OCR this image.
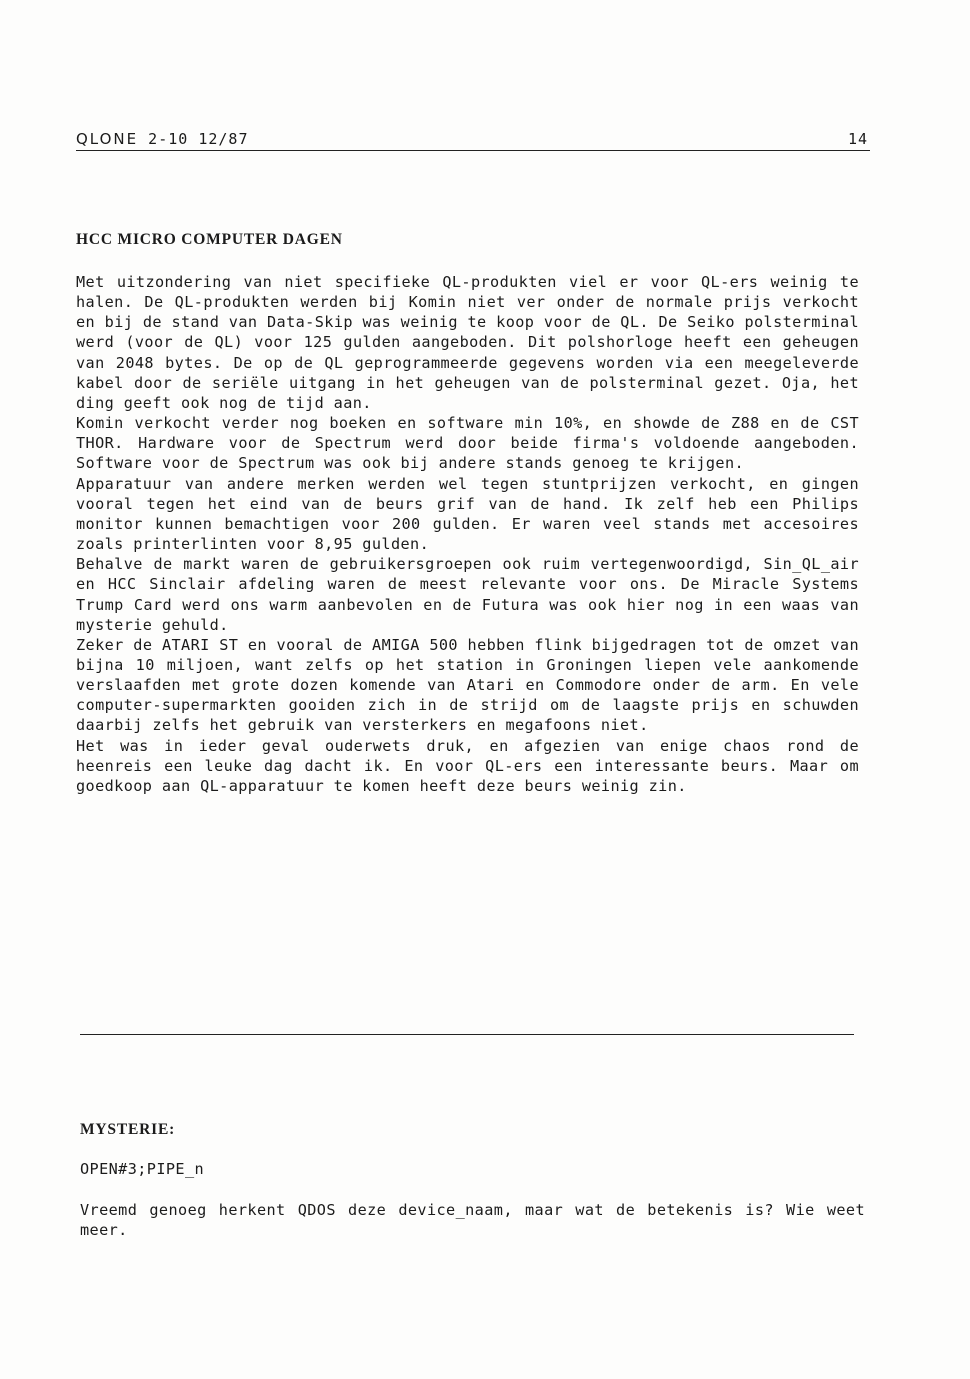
QLONE 2-10 12/87	14
HCC MICRO COMPUTER DAGEN

Met uitzondering van niet specifieke QL-produkten viel er voor QL-ers weinig te halen. De QL-produkten werden bij Komin niet ver onder de normale prijs verkocht en bij de stand van Data-Skip was weinig te koop voor de QL. De Seiko polsterminal werd (voor de QL) voor 125 gulden aangeboden. Dit polshorloge heeft een geheugen van 2048 bytes. De op de QL geprogrammeerde gegevens worden via een meegeleverde kabel door de seriële uitgang in het geheugen van de polsterminal gezet. Oja, het ding geeft ook nog de tijd aan.

Komin verkocht verder nog boeken en software min 10%, en showde de Z88 en de CST THOR. Hardware voor de Spectrum werd door beide firma's voldoende aangeboden. Software voor de Spectrum was ook bij andere stands genoeg te krijgen.

Apparatuur van andere merken werden wel tegen stuntprijzen verkocht, en gingen vooral tegen het eind van de beurs grif van de hand. Ik zelf heb een Philips monitor kunnen bemachtigen voor 200 gulden. Er waren veel stands met accesoires zoals printerlinten voor 8,95 gulden.

Behalve de markt waren de gebruikersgroepen ook ruim vertegenwoordigd, Sin_QL_air en HCC Sinclair afdeling waren de meest relevante voor ons. De Miracle Systems Trump Card werd ons warm aanbevolen en de Futura was ook hier nog in een waas van mysterie gehuld.

Zeker de ATARI ST en vooral de AMIGA 500 hebben flink bijgedragen tot de omzet van bijna 10 miljoen, want zelfs op het station in Groningen liepen vele aankomende verslaafden met grote dozen komende van Atari en Commodore onder de arm. En vele computer-supermarkten gooiden zich in de strijd om de laagste prijs en schuwden daarbij zelfs het gebruik van versterkers en megafoons niet.

Het was in ieder geval ouderwets druk, en afgezien van enige chaos rond de heenreis een leuke dag dacht ik. En voor QL-ers een interessante beurs. Maar om goedkoop aan QL-apparatuur te komen heeft deze beurs weinig zin.

MYSTERIE:
OPEN#3;PIPE_n

Vreemd genoeg herkent QDOS deze device_naam, maar wat de betekenis is? Wie weet meer.
